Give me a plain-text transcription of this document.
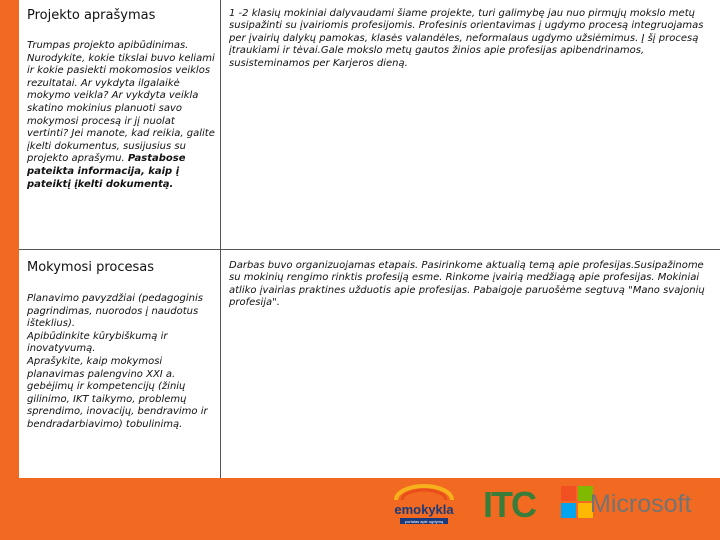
Projekto aprašymas
Trumpas projekto apibūdinimas. Nurodykite, kokie tikslai buvo keliami ir kokie pasiekti mokomosios veiklos rezultatai. Ar vykdyta ilgalaikė mokymo veikla? Ar vykdyta veikla skatino mokinius planuoti savo mokymosi procesą ir jį nuolat vertinti? Jei manote, kad reikia, galite įkelti dokumentus, susijusius su projekto aprašymu. Pastabose pateikta informacija, kaip į pateiktį įkelti dokumentą.
1 -2 klasių mokiniai dalyvaudami šiame projekte, turi galimybę jau nuo pirmųjų mokslo metų susipažinti su įvairiomis profesijomis. Profesinis orientavimas į ugdymo procesą integruojamas per įvairių dalykų pamokas, klasės valandėles, neformalaus ugdymo užsiėmimus. Į šį procesą įtraukiami ir tėvai.Gale mokslo metų gautos žinios apie profesijas apibendrinamos, susisteminamos per Karjeros dieną.
Mokymosi procesas
Planavimo pavyzdžiai (pedagoginis pagrindimas, nuorodos į naudotus išteklius).
Apibūdinkite kūrybiškumą ir inovatyvumą.
Aprašykite, kaip mokymosi planavimas palengvino XXI a. gebėjimų ir kompetencijų (žinių gilinimo, IKT taikymo, problemų sprendimo, inovacijų, bendravimo ir bendradarbiavimo) tobulinimą.
Darbas buvo organizuojamas etapais. Pasirinkome aktualią temą apie profesijas.Susipažinome su mokinių rengimo rinktis profesiją esme. Rinkome įvairią medžiagą apie profesijas. Mokiniai atliko įvairias praktines užduotis apie profesijas. Pabaigoje paruošėme segtuvą "Mano svajonių profesija".
emokykla
portalas apie ugdymą ITC Microsoft
